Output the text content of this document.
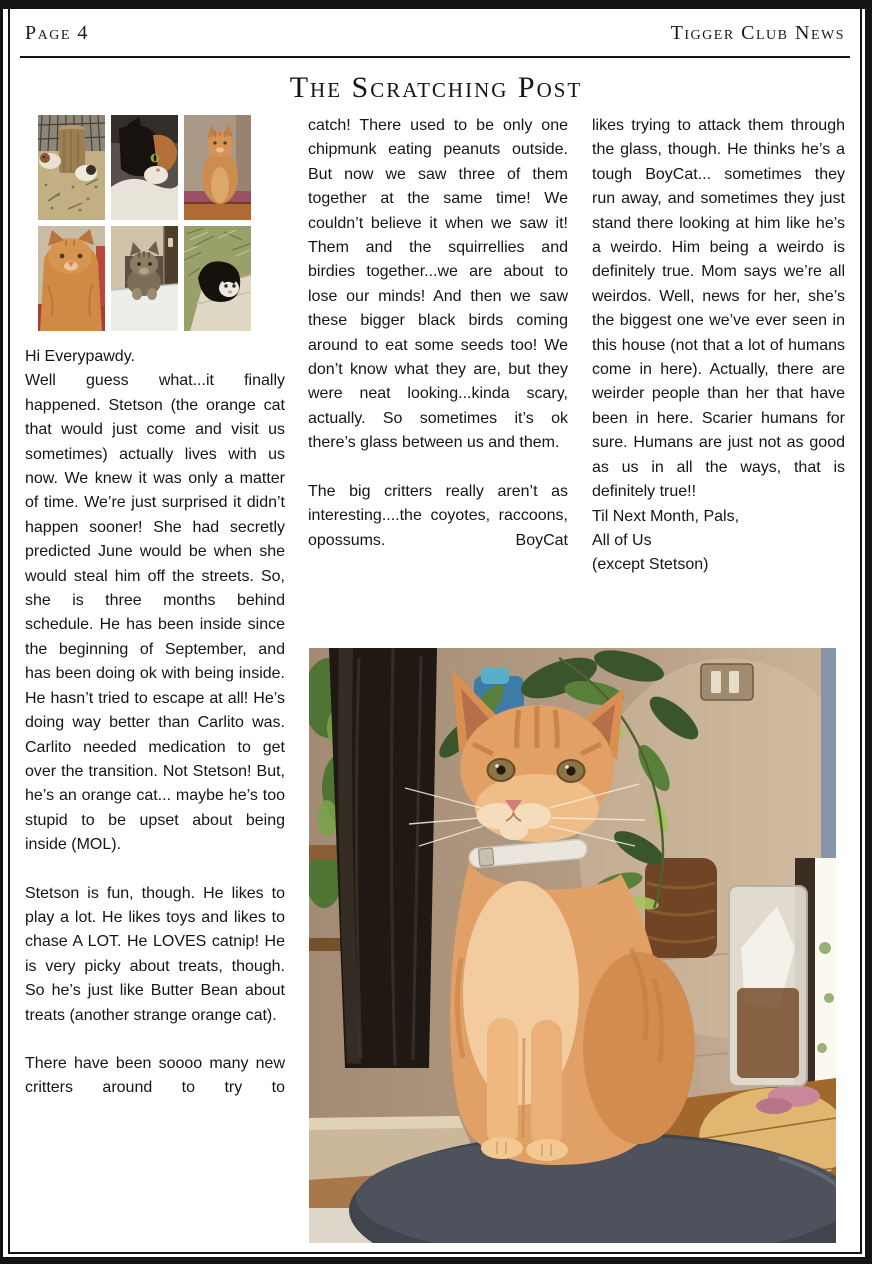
Page 4	Tigger Club News
The Scratching Post

Hi Everypawdy.

Well guess what...it finally happened. Stetson (the orange cat that would just come and visit us sometimes) actually lives with us now. We knew it was only a matter of time. We’re just surprised it didn’t happen sooner! She had secretly predicted June would be when she would steal him off the streets. So, she is three months behind schedule. He has been inside since the beginning of September, and has been doing ok with being inside. He hasn’t tried to escape at all! He’s doing way better than Carlito was. Carlito needed medication to get over the transition. Not Stetson! But, he’s an orange cat... maybe he’s too stupid to be upset about being inside (MOL).

Stetson is fun, though. He likes to play a lot. He likes toys and likes to chase A LOT. He LOVES catnip! He is very picky about treats, though. So he’s just like Butter Bean about treats (another strange orange cat).

There have been soooo many new critters around to try to

catch! There used to be only one chipmunk eating peanuts outside. But now we saw three of them together at the same time! We couldn’t believe it when we saw it! Them and the squirrellies and birdies together...we are about to lose our minds! And then we saw these bigger black birds coming around to eat some seeds too! We don’t know what they are, but they were neat looking...kinda scary, actually. So sometimes it’s ok there’s glass between us and them.

The big critters really aren’t as interesting....the coyotes, raccoons, opossums. BoyCat

likes trying to attack them through the glass, though. He thinks he’s a tough BoyCat... sometimes they run away, and sometimes they just stand there looking at him like he’s a weirdo. Him being a weirdo is definitely true. Mom says we’re all weirdos. Well, news for her, she’s the biggest one we’ve ever seen in this house (not that a lot of humans come in here). Actually, there are weirder people than her that have been in here. Scarier humans for sure. Humans are just not as good as us in all the ways, that is definitely true!!

Til Next Month, Pals,

All of Us

(except Stetson)
